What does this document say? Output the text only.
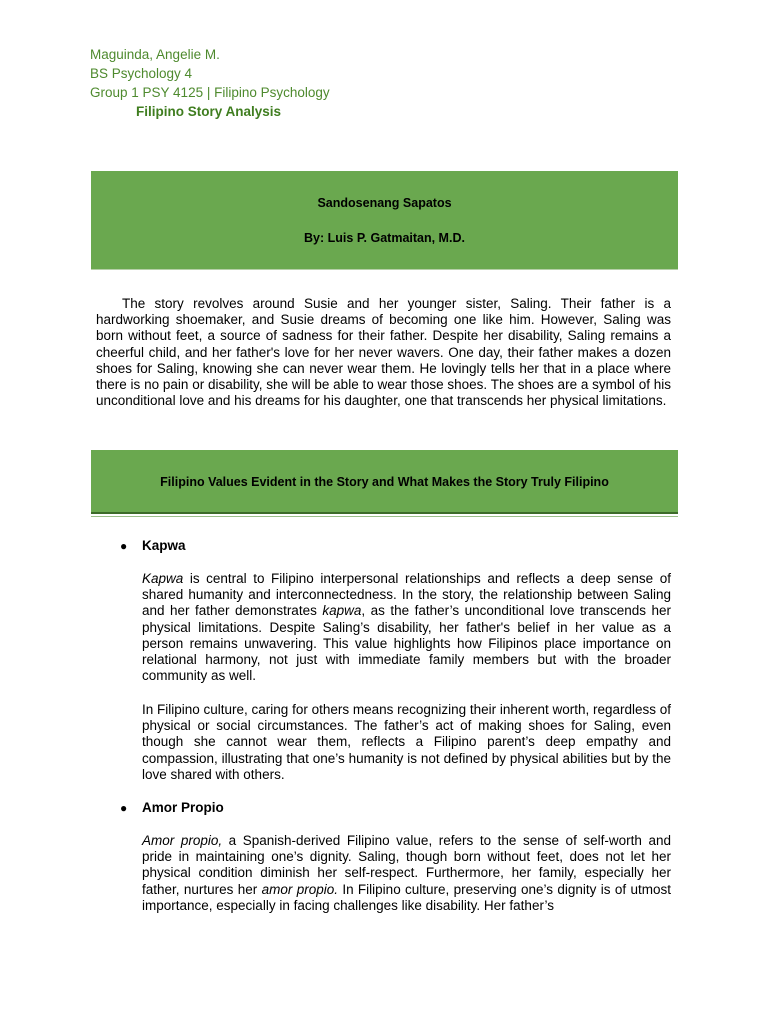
Maguinda, Angelie M.
BS Psychology 4
Group 1 PSY 4125 | Filipino Psychology
Filipino Story Analysis
Sandosenang Sapatos
By: Luis P. Gatmaitan, M.D.

The story revolves around Susie and her younger sister, Saling. Their father is a hardworking shoemaker, and Susie dreams of becoming one like him. However, Saling was born without feet, a source of sadness for their father. Despite her disability, Saling remains a cheerful child, and her father's love for her never wavers. One day, their father makes a dozen shoes for Saling, knowing she can never wear them. He lovingly tells her that in a place where there is no pain or disability, she will be able to wear those shoes. The shoes are a symbol of his unconditional love and his dreams for his daughter, one that transcends her physical limitations.

Filipino Values Evident in the Story and What Makes the Story Truly Filipino
● Kapwa

Kapwa is central to Filipino interpersonal relationships and reflects a deep sense of shared humanity and interconnectedness. In the story, the relationship between Saling and her father demonstrates kapwa, as the father’s unconditional love transcends her physical limitations. Despite Saling’s disability, her father's belief in her value as a person remains unwavering. This value highlights how Filipinos place importance on relational harmony, not just with immediate family members but with the broader community as well.

In Filipino culture, caring for others means recognizing their inherent worth, regardless of physical or social circumstances. The father’s act of making shoes for Saling, even though she cannot wear them, reflects a Filipino parent’s deep empathy and compassion, illustrating that one’s humanity is not defined by physical abilities but by the love shared with others.

● Amor Propio

Amor propio, a Spanish-derived Filipino value, refers to the sense of self-worth and pride in maintaining one’s dignity. Saling, though born without feet, does not let her physical condition diminish her self-respect. Furthermore, her family, especially her father, nurtures her amor propio. In Filipino culture, preserving one’s dignity is of utmost importance, especially in facing challenges like disability. Her father’s
